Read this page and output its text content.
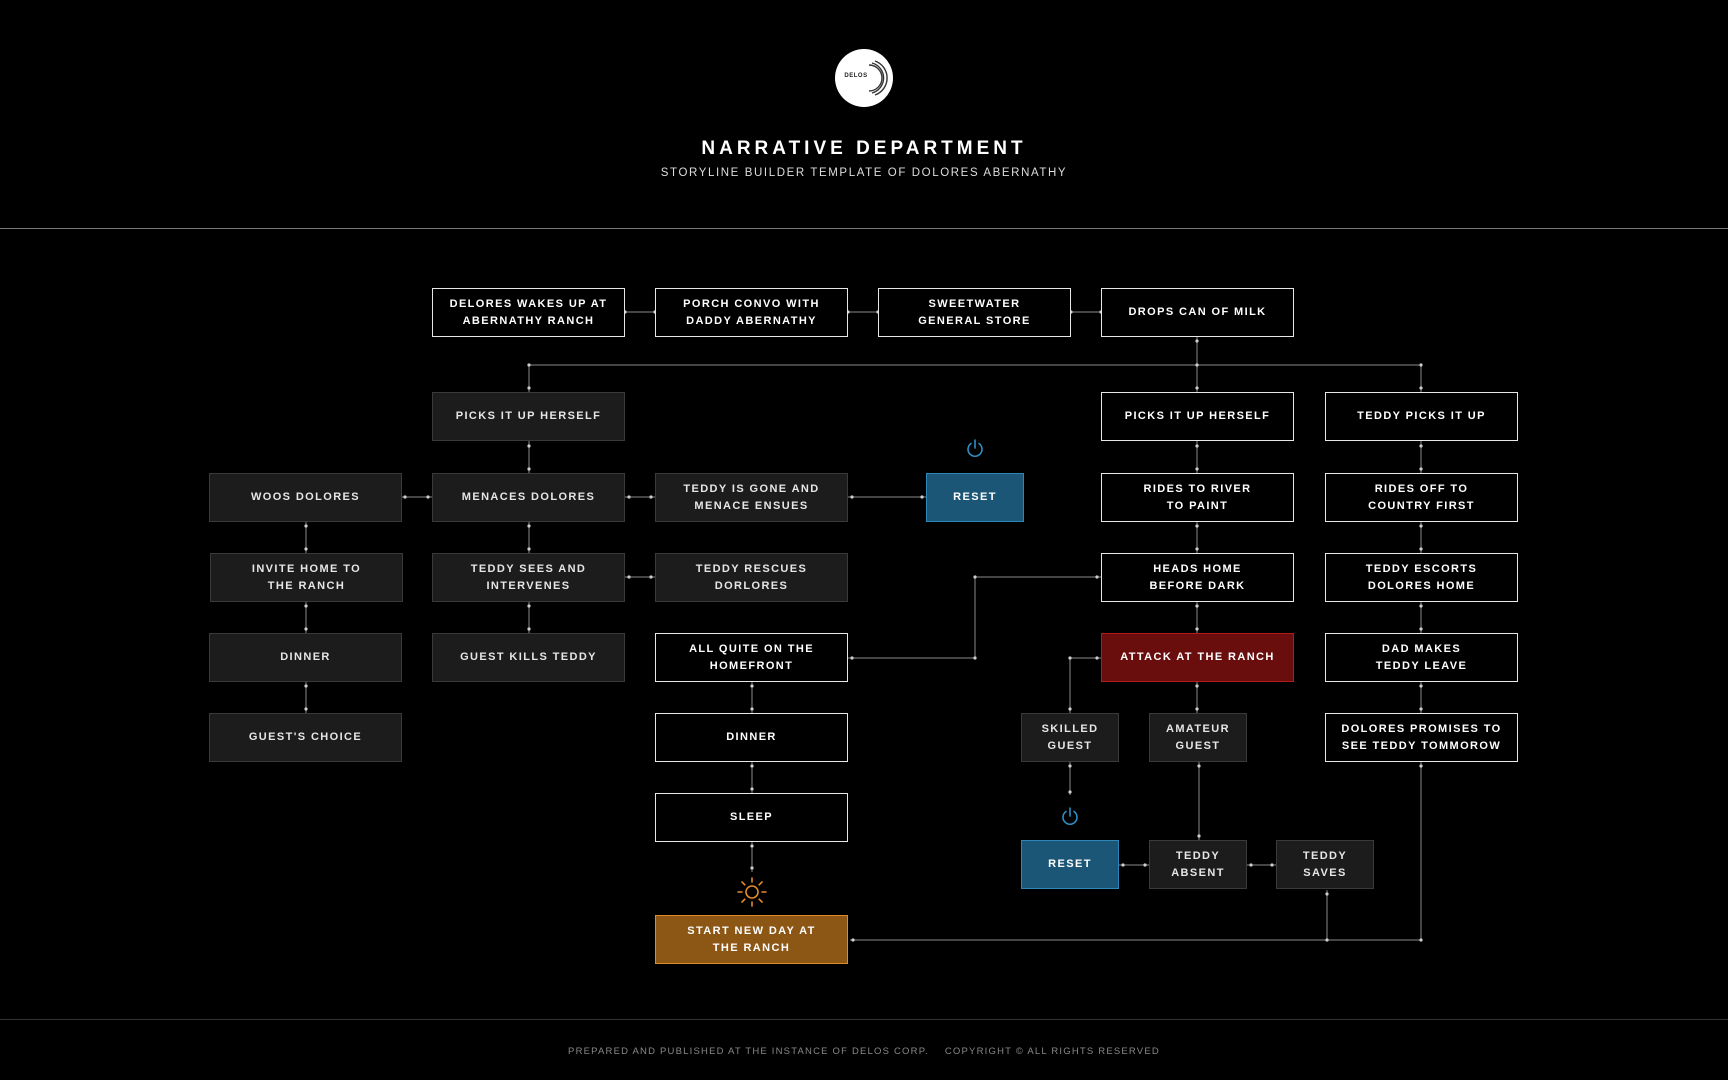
DELOS
NARRATIVE DEPARTMENT
STORYLINE BUILDER TEMPLATE OF DOLORES ABERNATHY
DELORES WAKES UP AT
ABERNATHY RANCH
PORCH CONVO WITH
DADDY ABERNATHY
SWEETWATER
GENERAL STORE
DROPS CAN OF MILK
PICKS IT UP HERSELF	PICKS IT UP HERSELF	TEDDY PICKS IT UP
WOOS DOLORES	MENACES DOLORES
TEDDY IS GONE AND
MENACE ENSUES
RESET
RIDES TO RIVER
TO PAINT
RIDES OFF TO
COUNTRY FIRST
INVITE HOME TO
THE RANCH
TEDDY SEES AND
INTERVENES
TEDDY RESCUES
DORLORES
HEADS HOME
BEFORE DARK
TEDDY ESCORTS
DOLORES HOME
DINNER	GUEST KILLS TEDDY
ALL QUITE ON THE
HOMEFRONT
ATTACK AT THE RANCH
DAD MAKES
TEDDY LEAVE
GUEST'S CHOICE	DINNER
SKILLED
GUEST
AMATEUR
GUEST
DOLORES PROMISES TO
SEE TEDDY TOMMOROW
SLEEP
RESET
TEDDY
ABSENT
TEDDY
SAVES
START NEW DAY AT
THE RANCH
PREPARED AND PUBLISHED AT THE INSTANCE OF DELOS CORP. COPYRIGHT © ALL RIGHTS RESERVED
